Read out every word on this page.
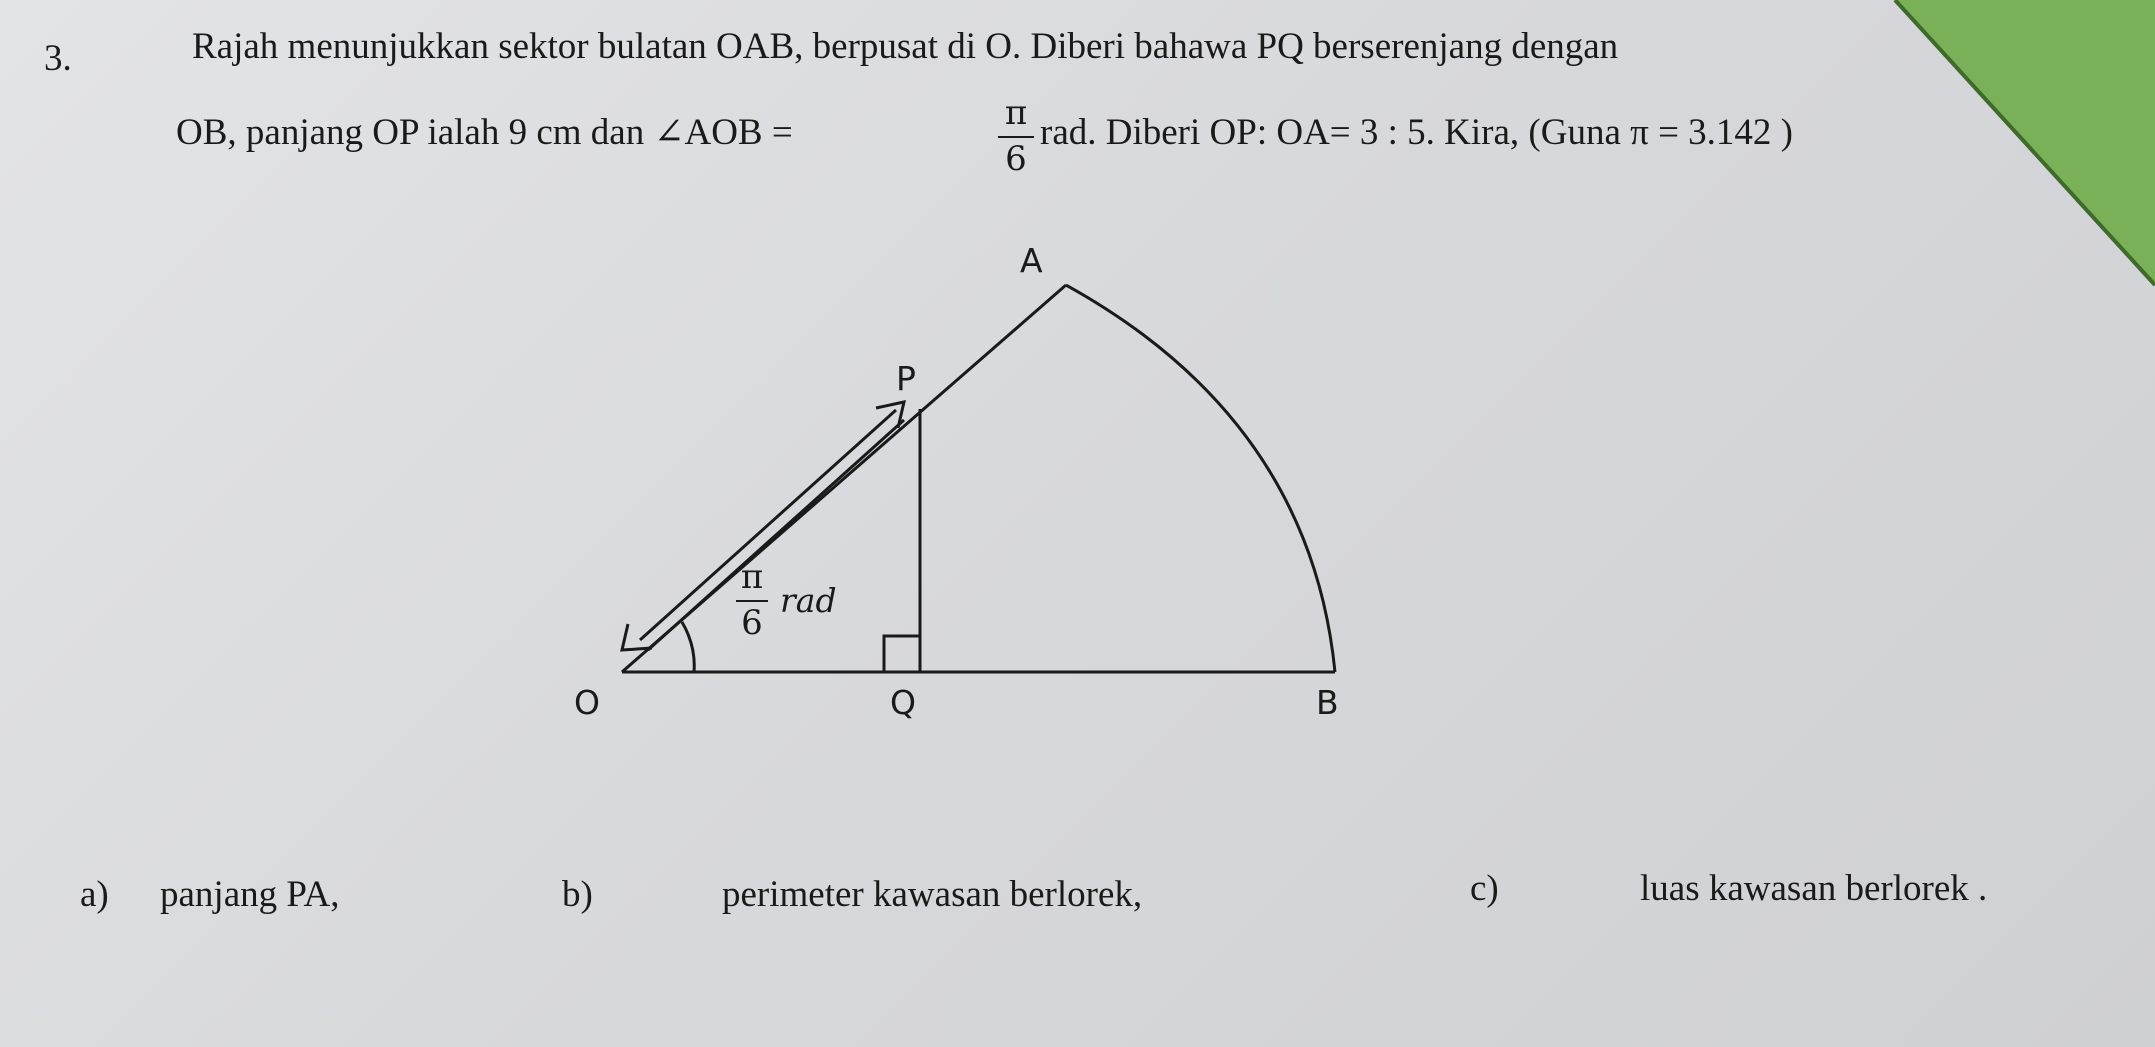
3.	Rajah menunjukkan sektor bulatan OAB, berpusat di O. Diberi bahawa PQ berserenjang dengan
OB, panjang OP ialah 9 cm dan ∠AOB =	π
6
rad. Diberi OP: OA= 3 : 5. Kira, (Guna π = 3.142 )
A
P
O	Q	B
π
6
rad
a) panjang PA,	b)	perimeter kawasan berlorek,	c)	luas kawasan berlorek .
